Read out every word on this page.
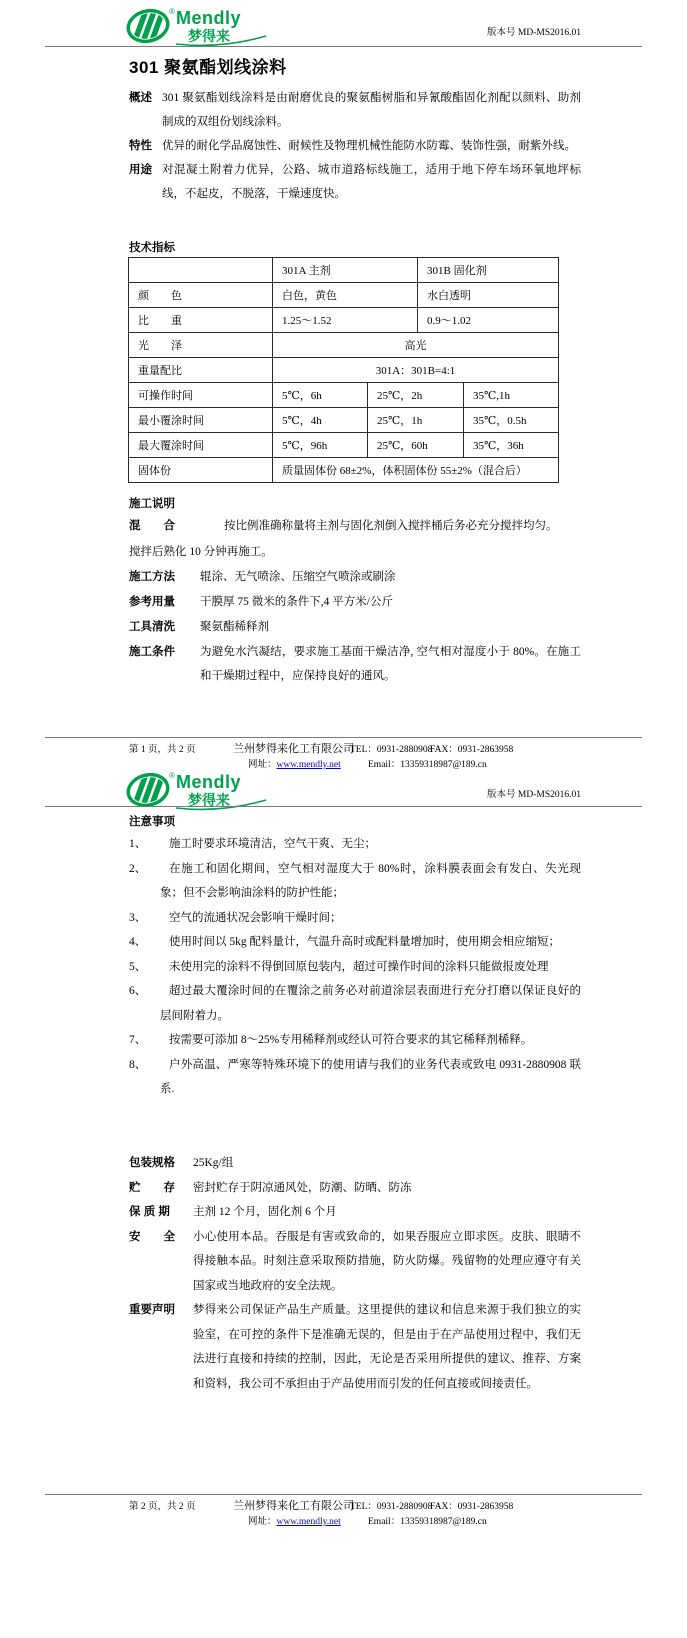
® Mendly
梦得来	版本号 MD-MS2016.01
301 聚氨酯划线涂料
概述 301 聚氨酯划线涂料是由耐磨优良的聚氨酯树脂和异氰酸酯固化剂配以颜料、助剂制成的双组份划线涂料。
特性 优异的耐化学品腐蚀性、耐候性及物理机械性能防水防霉、装饰性强，耐紫外线。
用途 对混凝土附着力优异，公路、城市道路标线施工，适用于地下停车场环氧地坪标线，不起皮，不脱落，干燥速度快。
技术指标
	301A 主剂		301B 固化剂	
颜　　色	白色，黄色		水白透明	
比　　重	1.25～1.52		0.9～1.02	
光　　泽	高光			
重量配比	301A：301B=4:1			
可操作时间	5℃，6h	25℃，2h		35℃,1h
最小覆涂时间	5℃，4h	25℃，1h		35℃，0.5h
最大覆涂时间	5℃，96h	25℃，60h		35℃，36h
固体份	质量固体份 68±2%，体积固体份 55±2%（混合后）			
施工说明
混　　合	按比例准确称量将主剂与固化剂倒入搅拌桶后务必充分搅拌均匀。
搅拌后熟化 10 分钟再施工。
施工方法	辊涂、无气喷涂、压缩空气喷涂或刷涂
参考用量	干膜厚 75 微米的条件下,4 平方米/公斤
工具清洗	聚氨酯稀释剂
施工条件	为避免水汽凝结，要求施工基面干燥洁净, 空气相对湿度小于 80%。在施工和干燥期过程中，应保持良好的通风。
第 1 页，共 2 页	兰州梦得来化工有限公司
TEL：0931-2880908
FAX：0931-2863958
网址：www.mendly.net	Email：13359318987@189.cn
® Mendly
梦得来	版本号 MD-MS2016.01
注意事项
1、	施工时要求环境清洁，空气干爽、无尘；
2、	在施工和固化期间，空气相对湿度大于 80%时，涂料膜表面会有发白、失光现象；但不会影响油涂料的防护性能；
3、	空气的流通状况会影响干燥时间；
4、	使用时间以 5kg 配料量计，气温升高时或配料量增加时，使用期会相应缩短；
5、	未使用完的涂料不得倒回原包装内，超过可操作时间的涂料只能做报废处理
6、	超过最大覆涂时间的在覆涂之前务必对前道涂层表面进行充分打磨以保证良好的层间附着力。
7、	按需要可添加 8～25%专用稀释剂或经认可符合要求的其它稀释剂稀释。
8、	户外高温、严寒等特殊环境下的使用请与我们的业务代表或致电 0931-2880908 联系.
包装规格	25Kg/组
贮　　存	密封贮存于阴凉通风处，防潮、防晒、防冻
保 质 期	主剂 12 个月，固化剂 6 个月
安　　全	小心使用本品。吞服是有害或致命的，如果吞服应立即求医。皮肤、眼睛不得接触本品。时刻注意采取预防措施，防火防爆。残留物的处理应遵守有关国家或当地政府的安全法规。
重要声明	梦得来公司保证产品生产质量。这里提供的建议和信息来源于我们独立的实验室，在可控的条件下是准确无误的，但是由于在产品使用过程中，我们无法进行直接和持续的控制，因此，无论是否采用所提供的建议、推荐、方案和资料，我公司不承担由于产品使用而引发的任何直接或间接责任。
第 2 页，共 2 页	兰州梦得来化工有限公司
TEL：0931-2880908
FAX：0931-2863958
网址：www.mendly.net	Email：13359318987@189.cn
